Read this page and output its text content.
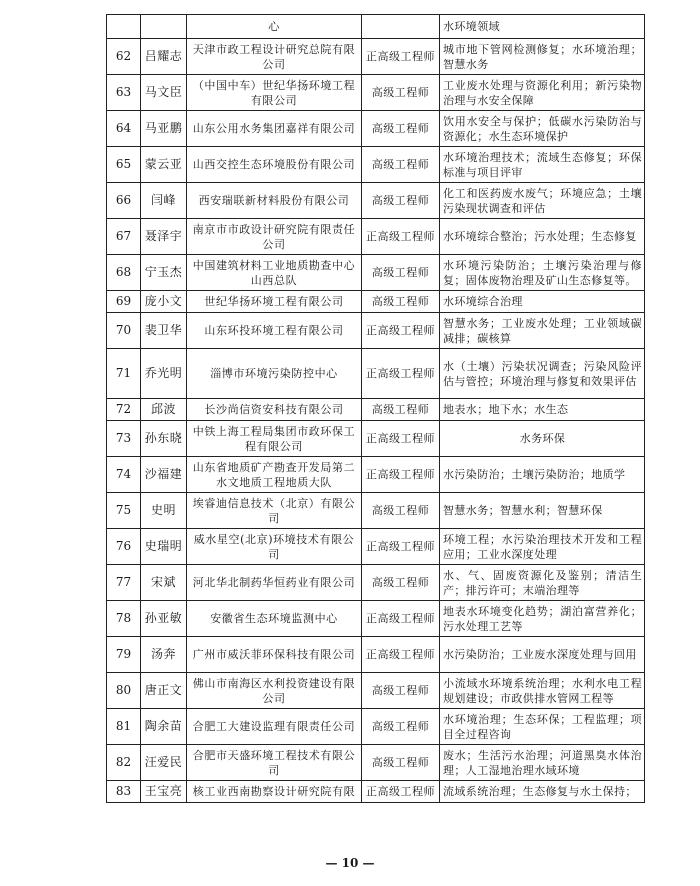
		心		水环境领域
62	吕耀志	天津市政工程设计研究总院有限公司	正高级工程师	城市地下管网检测修复；水环境治理；智慧水务
63	马文臣	（中国中车）世纪华扬环境工程有限公司	高级工程师	工业废水处理与资源化利用；新污染物治理与水安全保障
64	马亚鹏	山东公用水务集团嘉祥有限公司	高级工程师	饮用水安全与保护；低碳水污染防治与资源化；水生态环境保护
65	蒙云亚	山西交控生态环境股份有限公司	高级工程师	水环境治理技术；流域生态修复；环保标准与项目评审
66	闫峰	西安瑞联新材料股份有限公司	高级工程师	化工和医药废水废气；环境应急；土壤污染现状调查和评估
67	聂泽宇	南京市市政设计研究院有限责任公司	正高级工程师	水环境综合整治；污水处理；生态修复
68	宁玉杰	中国建筑材料工业地质勘查中心山西总队	高级工程师	水环境污染防治；土壤污染治理与修复；固体废物治理及矿山生态修复等。
69	庞小文	世纪华扬环境工程有限公司	高级工程师	水环境综合治理
70	裴卫华	山东环投环境工程有限公司	正高级工程师	智慧水务；工业废水处理；工业领域碳减排；碳核算
71	乔光明	淄博市环境污染防控中心	正高级工程师	水（土壤）污染状况调查；污染风险评估与管控；环境治理与修复和效果评估
72	邱波	长沙尚信资安科技有限公司	高级工程师	地表水；地下水；水生态
73	孙东晓	中铁上海工程局集团市政环保工程有限公司	正高级工程师	水务环保
74	沙福建	山东省地质矿产勘查开发局第二水文地质工程地质大队	正高级工程师	水污染防治；土壤污染防治；地质学
75	史明	埃睿迪信息技术（北京）有限公司	高级工程师	智慧水务；智慧水利；智慧环保
76	史瑞明	威水星空(北京)环境技术有限公司	正高级工程师	环境工程；水污染治理技术开发和工程应用；工业水深度处理
77	宋斌	河北华北制药华恒药业有限公司	高级工程师	水、气、固废资源化及鉴别；清洁生产；排污许可；末端治理等
78	孙亚敏	安徽省生态环境监测中心	正高级工程师	地表水环境变化趋势；湖泊富营养化；污水处理工艺等
79	汤奔	广州市威沃菲环保科技有限公司	正高级工程师	水污染防治；工业废水深度处理与回用
80	唐正文	佛山市南海区水利投资建设有限公司	高级工程师	小流域水环境系统治理；水利水电工程规划建设；市政供排水管网工程等
81	陶余苗	合肥工大建设监理有限责任公司	高级工程师	水环境治理；生态环保；工程监理；项目全过程咨询
82	汪爱民	合肥市天盛环境工程技术有限公司	高级工程师	废水；生活污水治理；河道黑臭水体治理；人工湿地治理水域环境
83	王宝亮	核工业西南勘察设计研究院有限	正高级工程师	流域系统治理；生态修复与水土保持；
— 10 —
